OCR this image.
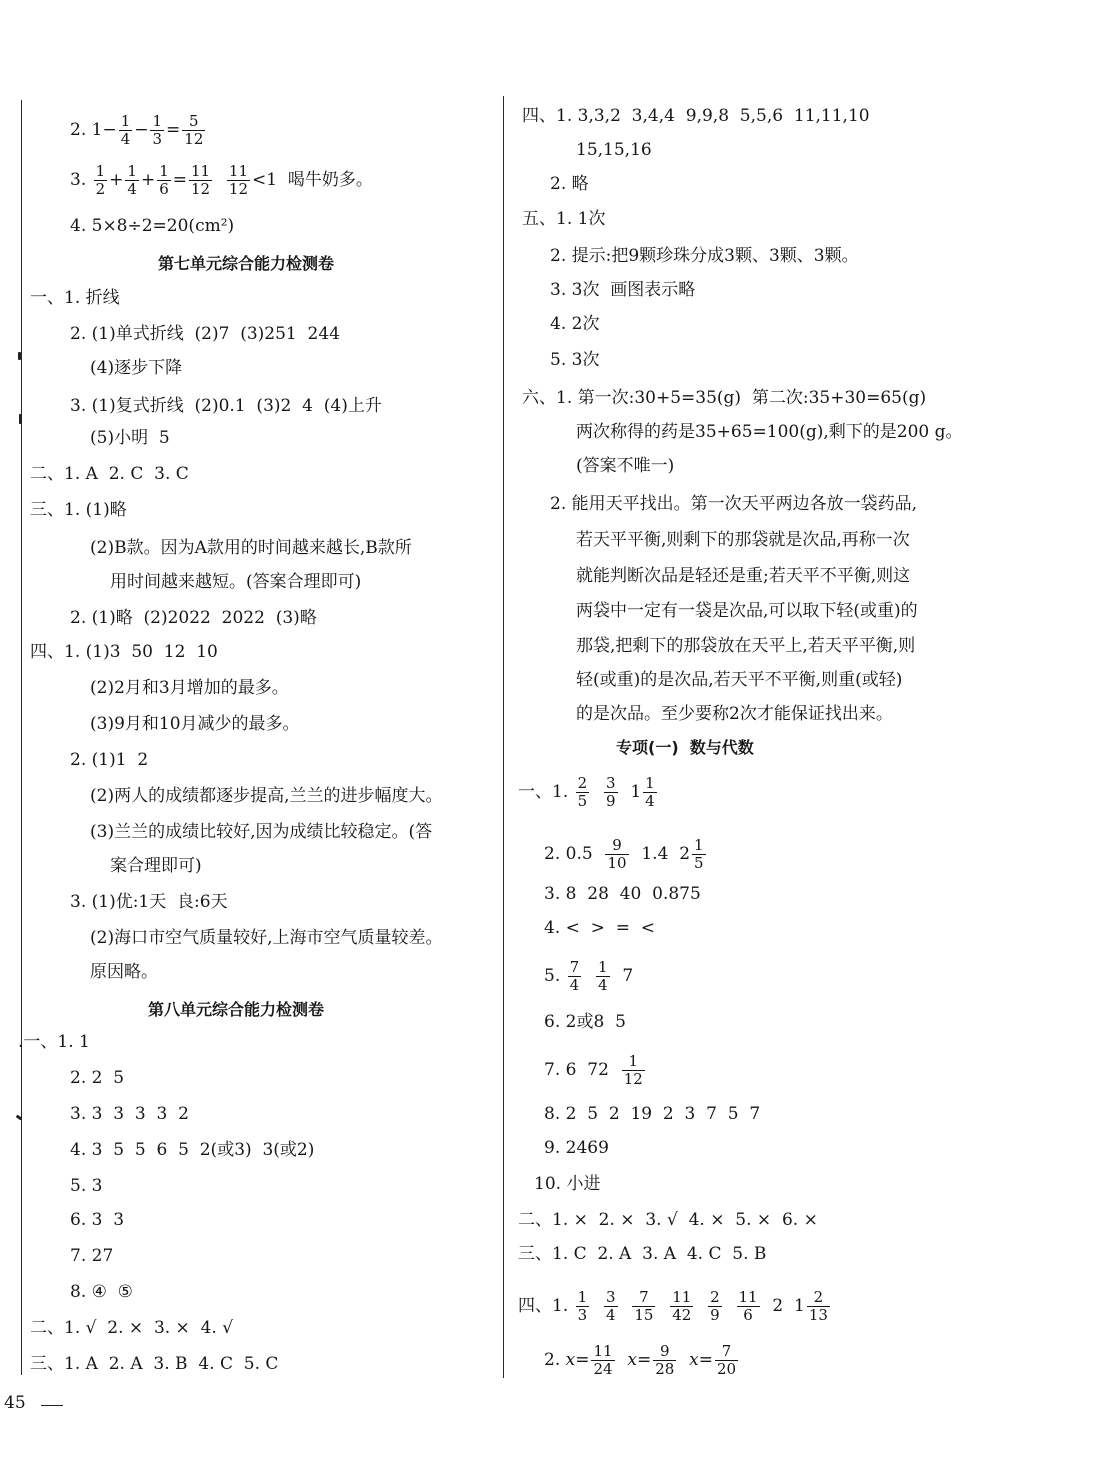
2. 1− 1
4 − 1
3 = 5
12
3. 1
2 + 1
4 + 1
6 = 11
12

11
12 <1  喝牛奶多。
4. 5×8÷2=20(cm²)
第七单元综合能力检测卷
一、1. 折线
2. (1)单式折线  (2)7  (3)251  244
(4)逐步下降
3. (1)复式折线  (2)0.1  (3)2  4  (4)上升
(5)小明  5
二、1. A  2. C  3. C
三、1. (1)略
(2)B款。因为A款用的时间越来越长,B款所
用时间越来越短。(答案合理即可)
2. (1)略  (2)2022  2022  (3)略
四、1. (1)3  50  12  10
(2)2月和3月增加的最多。
(3)9月和10月减少的最多。
2. (1)1  2
(2)两人的成绩都逐步提高,兰兰的进步幅度大。
(3)兰兰的成绩比较好,因为成绩比较稳定。(答
案合理即可)
3. (1)优:1天  良:6天
(2)海口市空气质量较好,上海市空气质量较差。
原因略。
第八单元综合能力检测卷
.一、1. 1
2. 2  5
3. 3  3  3  3  2
4. 3  5  5  6  5  2(或3)  3(或2)
5. 3
6. 3  3
7. 27
8. ④  ⑤
二、1. √  2. ×  3. ×  4. √
三、1. A  2. A  3. B  4. C  5. C
四、1. 3,3,2  3,4,4  9,9,8  5,5,6  11,11,10
15,15,16
2. 略
五、1. 1次
2. 提示:把9颗珍珠分成3颗、3颗、3颗。
3. 3次  画图表示略
4. 2次
5. 3次
六、1. 第一次:30+5=35(g)  第二次:35+30=65(g)
两次称得的药是35+65=100(g),剩下的是200 g。
(答案不唯一)
2. 能用天平找出。第一次天平两边各放一袋药品,
若天平平衡,则剩下的那袋就是次品,再称一次
就能判断次品是轻还是重;若天平不平衡,则这
两袋中一定有一袋是次品,可以取下轻(或重)的
那袋,把剩下的那袋放在天平上,若天平平衡,则
轻(或重)的是次品,若天平不平衡,则重(或轻)
的是次品。至少要称2次才能保证找出来。
专项(一)  数与代数
一、1. 2
5

3
9 1 1
4
2. 0.5 9
10 1.4  2 1
5
3. 8  28  40  0.875
4. <  >  =  <
5. 7
4

1
4 7
6. 2或8  5
7. 6  72 1
12
8. 2  5  2  19  2  3  7  5  7
9. 2469
10. 小进
二、1. ×  2. ×  3. √  4. ×  5. ×  6. ×
三、1. C  2. A  3. A  4. C  5. B
四、1. 1
3

3
4

7
15

11
42

2
9

11
6 2  1 2
13
2. x= 11
24
x= 9
28
x= 7
20
45
